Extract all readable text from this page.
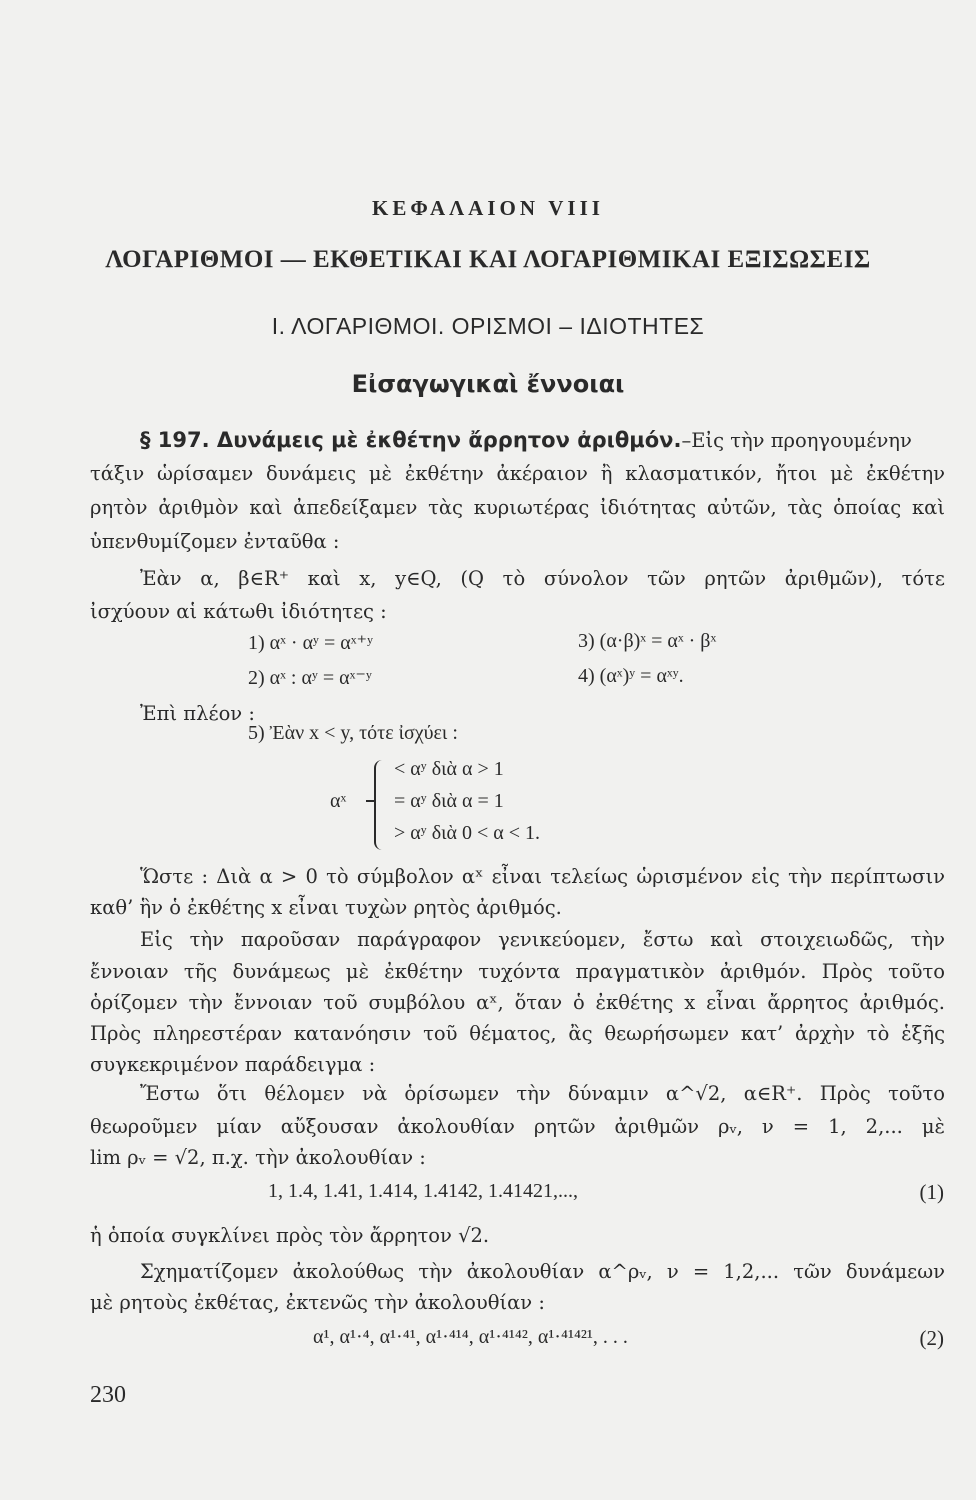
ΚΕΦΑΛΑΙΟΝ VIII
ΛΟΓΑΡΙΘΜΟΙ — ΕΚΘΕΤΙΚΑΙ ΚΑΙ ΛΟΓΑΡΙΘΜΙΚΑΙ ΕΞΙΣΩΣΕΙΣ
Ι. ΛΟΓΑΡΙΘΜΟΙ. ΟΡΙΣΜΟΙ – ΙΔΙΟΤΗΤΕΣ
Εἰσαγωγικαὶ ἔννοιαι
§ 197. Δυνάμεις μὲ ἐκθέτην ἄρρητον ἀριθμόν.–Εἰς τὴν προηγουμένην
τάξιν ὡρίσαμεν δυνάμεις μὲ ἐκθέτην ἀκέραιον ἢ κλασματικόν, ἤτοι μὲ ἐκθέτην
ρητὸν ἀριθμὸν καὶ ἀπεδείξαμεν τὰς κυριωτέρας ἰδιότητας αὐτῶν, τὰς ὁποίας καὶ
ὑπενθυμίζομεν ἐνταῦθα :
Ἐὰν α, β∈R⁺ καὶ x, y∈Q, (Q τὸ σύνολον τῶν ρητῶν ἀριθμῶν), τότε
ἰσχύουν αἱ κάτωθι ἰδιότητες :
1) αˣ · αʸ = αˣ⁺ʸ	3) (α·β)ˣ = αˣ · βˣ
2) αˣ : αʸ = αˣ⁻ʸ	4) (αˣ)ʸ = αˣʸ.
Ἐπὶ πλέον :
5) Ἐὰν x < y, τότε ἰσχύει :
αˣ
< αʸ διὰ α > 1
= αʸ διὰ α = 1
> αʸ διὰ 0 < α < 1.
Ὥστε : Διὰ α > 0 τὸ σύμβολον αˣ εἶναι τελείως ὡρισμένον εἰς τὴν περίπτωσιν
καθ’ ἣν ὁ ἐκθέτης x εἶναι τυχὼν ρητὸς ἀριθμός.
Εἰς τὴν παροῦσαν παράγραφον γενικεύομεν, ἔστω καὶ στοιχειωδῶς, τὴν
ἔννοιαν τῆς δυνάμεως μὲ ἐκθέτην τυχόντα πραγματικὸν ἀριθμόν. Πρὸς τοῦτο
ὁρίζομεν τὴν ἔννοιαν τοῦ συμβόλου αˣ, ὅταν ὁ ἐκθέτης x εἶναι ἄρρητος ἀριθμός.
Πρὸς πληρεστέραν κατανόησιν τοῦ θέματος, ἂς θεωρήσωμεν κατ’ ἀρχὴν τὸ ἑξῆς
συγκεκριμένον παράδειγμα :
Ἔστω ὅτι θέλομεν νὰ ὁρίσωμεν τὴν δύναμιν α^√2, α∈R⁺. Πρὸς τοῦτο
θεωροῦμεν μίαν αὔξουσαν ἀκολουθίαν ρητῶν ἀριθμῶν ρᵥ, ν = 1, 2,... μὲ
lim ρᵥ = √2, π.χ. τὴν ἀκολουθίαν :
1, 1.4, 1.41, 1.414, 1.4142, 1.41421,...,	(1)
ἡ ὁποία συγκλίνει πρὸς τὸν ἄρρητον √2.
Σχηματίζομεν ἀκολούθως τὴν ἀκολουθίαν α^ρᵥ, ν = 1,2,... τῶν δυνάμεων
μὲ ρητοὺς ἐκθέτας, ἐκτενῶς τὴν ἀκολουθίαν :
α¹, α¹·⁴, α¹·⁴¹, α¹·⁴¹⁴, α¹·⁴¹⁴², α¹·⁴¹⁴²¹, . . .	(2)
230
